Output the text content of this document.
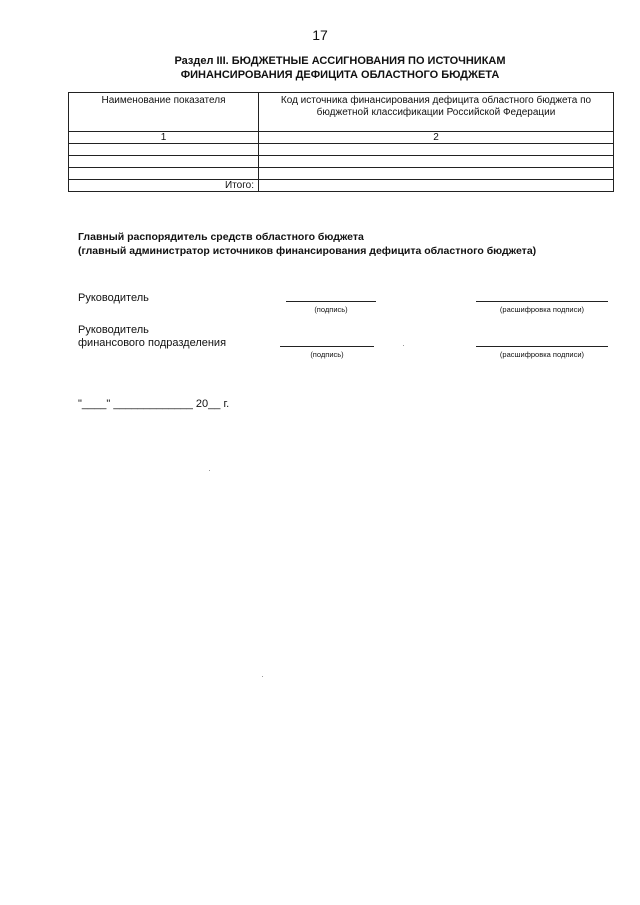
17
Раздел III. БЮДЖЕТНЫЕ АССИГНОВАНИЯ ПО ИСТОЧНИКАМ
ФИНАНСИРОВАНИЯ ДЕФИЦИТА ОБЛАСТНОГО БЮДЖЕТА
Наименование показателя	Код источника финансирования дефицита областного бюджета по бюджетной классификации Российской Федерации
1	2

Итого:	
Главный распорядитель средств областного бюджета
(главный администратор источников финансирования дефицита областного бюджета)
Руководитель
(подпись)	(расшифровка подписи)
Руководитель
финансового подразделения
(подпись)	(расшифровка подписи)
"____" _____________ 20__ г.
